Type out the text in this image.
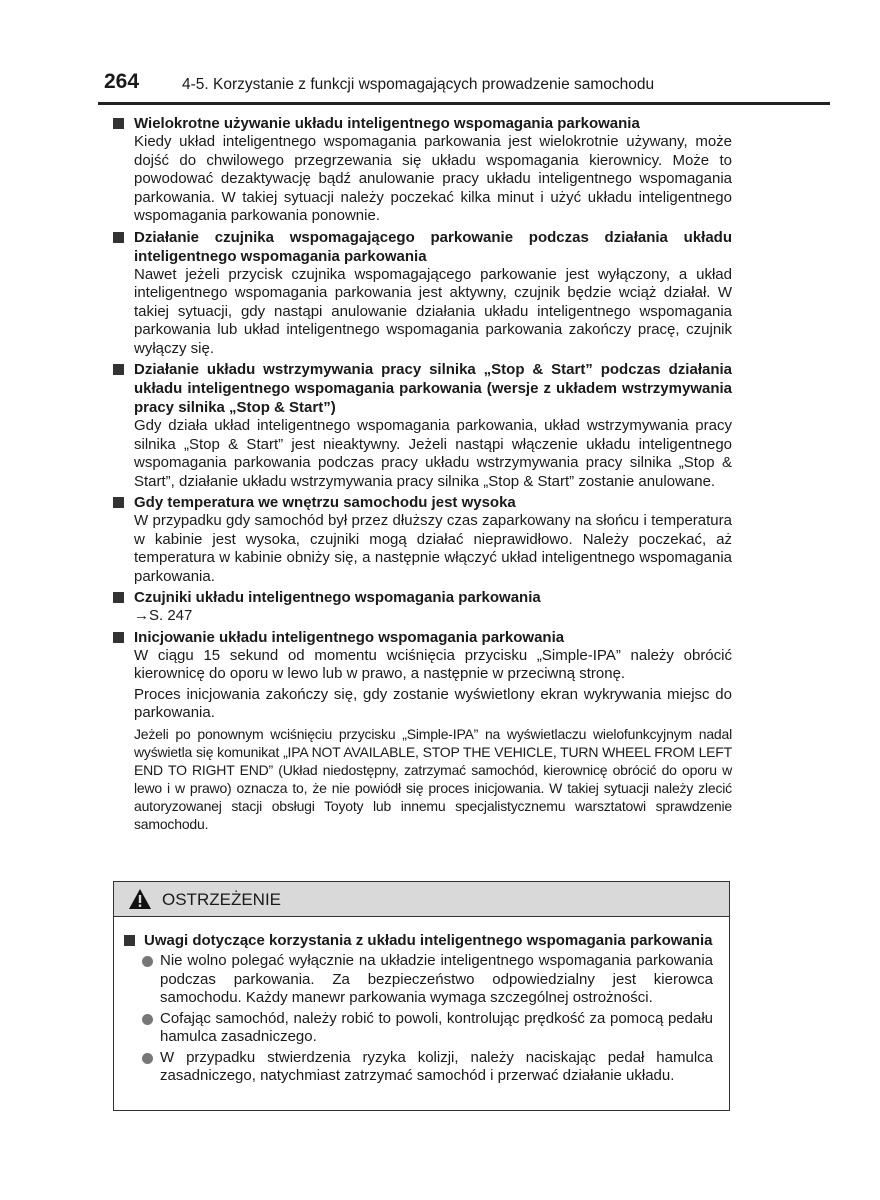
264	4-5. Korzystanie z funkcji wspomagających prowadzenie samochodu
Wielokrotne używanie układu inteligentnego wspomagania parkowania
Kiedy układ inteligentnego wspomagania parkowania jest wielokrotnie używany, może dojść do chwilowego przegrzewania się układu wspomagania kierownicy. Może to powodować dezaktywację bądź anulowanie pracy układu inteligentnego wspomagania parkowania. W takiej sytuacji należy poczekać kilka minut i użyć układu inteligentnego wspomagania parkowania ponownie.
Działanie czujnika wspomagającego parkowanie podczas działania układu inteligentnego wspomagania parkowania
Nawet jeżeli przycisk czujnika wspomagającego parkowanie jest wyłączony, a układ inteligentnego wspomagania parkowania jest aktywny, czujnik będzie wciąż działał. W takiej sytuacji, gdy nastąpi anulowanie działania układu inteligentnego wspomagania parkowania lub układ inteligentnego wspomagania parkowania zakończy pracę, czujnik wyłączy się.
Działanie układu wstrzymywania pracy silnika „Stop & Start” podczas działania układu inteligentnego wspomagania parkowania (wersje z układem wstrzymywania pracy silnika „Stop & Start”)
Gdy działa układ inteligentnego wspomagania parkowania, układ wstrzymywania pracy silnika „Stop & Start” jest nieaktywny. Jeżeli nastąpi włączenie układu inteligentnego wspomagania parkowania podczas pracy układu wstrzymywania pracy silnika „Stop & Start”, działanie układu wstrzymywania pracy silnika „Stop & Start” zostanie anulowane.
Gdy temperatura we wnętrzu samochodu jest wysoka
W przypadku gdy samochód był przez dłuższy czas zaparkowany na słońcu i temperatura w kabinie jest wysoka, czujniki mogą działać nieprawidłowo. Należy poczekać, aż temperatura w kabinie obniży się, a następnie włączyć układ inteligentnego wspomagania parkowania.
Czujniki układu inteligentnego wspomagania parkowania
→S. 247
Inicjowanie układu inteligentnego wspomagania parkowania
W ciągu 15 sekund od momentu wciśnięcia przycisku „Simple-IPA” należy obrócić kierownicę do oporu w lewo lub w prawo, a następnie w przeciwną stronę.
Proces inicjowania zakończy się, gdy zostanie wyświetlony ekran wykrywania miejsc do parkowania.
Jeżeli po ponownym wciśnięciu przycisku „Simple-IPA” na wyświetlaczu wielofunkcyjnym nadal wyświetla się komunikat „IPA NOT AVAILABLE, STOP THE VEHICLE, TURN WHEEL FROM LEFT END TO RIGHT END” (Układ niedostępny, zatrzymać samochód, kierownicę obrócić do oporu w lewo i w prawo) oznacza to, że nie powiódł się proces inicjowania. W takiej sytuacji należy zlecić autoryzowanej stacji obsługi Toyoty lub innemu specjalistycznemu warsztatowi sprawdzenie samochodu.
OSTRZEŻENIE
Uwagi dotyczące korzystania z układu inteligentnego wspomagania parkowania
Nie wolno polegać wyłącznie na układzie inteligentnego wspomagania parkowania podczas parkowania. Za bezpieczeństwo odpowiedzialny jest kierowca samochodu. Każdy manewr parkowania wymaga szczególnej ostrożności.
Cofając samochód, należy robić to powoli, kontrolując prędkość za pomocą pedału hamulca zasadniczego.
W przypadku stwierdzenia ryzyka kolizji, należy naciskając pedał hamulca zasadniczego, natychmiast zatrzymać samochód i przerwać działanie układu.
